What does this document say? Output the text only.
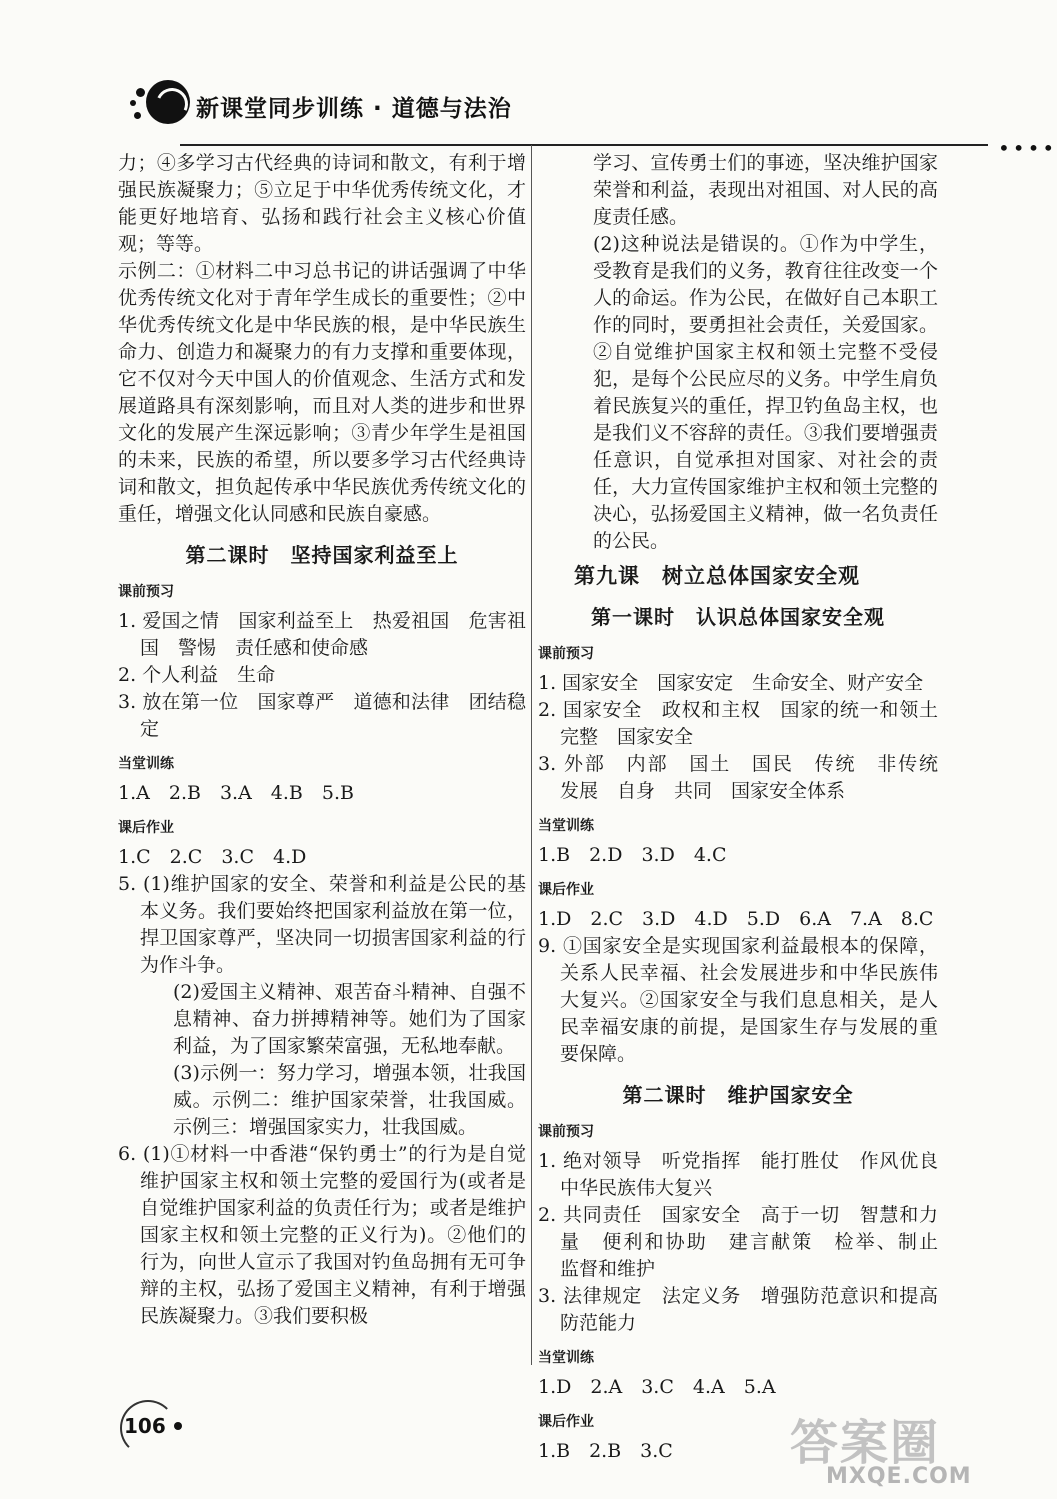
新课堂同步训练 · 道德与法治
••••

力；④多学习古代经典的诗词和散文，有利于增强民族凝聚力；⑤立足于中华优秀传统文化，才能更好地培育、弘扬和践行社会主义核心价值观；等等。

示例二：①材料二中习总书记的讲话强调了中华优秀传统文化对于青年学生成长的重要性；②中华优秀传统文化是中华民族的根，是中华民族生命力、创造力和凝聚力的有力支撑和重要体现，它不仅对今天中国人的价值观念、生活方式和发展道路具有深刻影响，而且对人类的进步和世界文化的发展产生深远影响；③青少年学生是祖国的未来，民族的希望，所以要多学习古代经典诗词和散文，担负起传承中华民族优秀传统文化的重任，增强文化认同感和民族自豪感。

第二课时　坚持国家利益至上
课前预习

1. 爱国之情　国家利益至上　热爱祖国　危害祖国　警惕　责任感和使命感

2. 个人利益　生命

3. 放在第一位　国家尊严　道德和法律　团结稳定

当堂训练

1.A　2.B　3.A　4.B　5.B

课后作业

1.C　2.C　3.C　4.D

5. (1)维护国家的安全、荣誉和利益是公民的基本义务。我们要始终把国家利益放在第一位，捍卫国家尊严，坚决同一切损害国家利益的行为作斗争。

(2)爱国主义精神、艰苦奋斗精神、自强不息精神、奋力拼搏精神等。她们为了国家利益，为了国家繁荣富强，无私地奉献。

(3)示例一：努力学习，增强本领，壮我国威。示例二：维护国家荣誉，壮我国威。示例三：增强国家实力，壮我国威。

6. (1)①材料一中香港“保钓勇士”的行为是自觉维护国家主权和领土完整的爱国行为(或者是自觉维护国家利益的负责任行为；或者是维护国家主权和领土完整的正义行为)。②他们的行为，向世人宣示了我国对钓鱼岛拥有无可争辩的主权，弘扬了爱国主义精神，有利于增强民族凝聚力。③我们要积极

学习、宣传勇士们的事迹，坚决维护国家荣誉和利益，表现出对祖国、对人民的高度责任感。

(2)这种说法是错误的。①作为中学生，受教育是我们的义务，教育往往改变一个人的命运。作为公民，在做好自己本职工作的同时，要勇担社会责任，关爱国家。②自觉维护国家主权和领土完整不受侵犯，是每个公民应尽的义务。中学生肩负着民族复兴的重任，捍卫钓鱼岛主权，也是我们义不容辞的责任。③我们要增强责任意识，自觉承担对国家、对社会的责任，大力宣传国家维护主权和领土完整的决心，弘扬爱国主义精神，做一名负责任的公民。

第九课　树立总体国家安全观
第一课时　认识总体国家安全观
课前预习

1. 国家安全　国家安定　生命安全、财产安全

2. 国家安全　政权和主权　国家的统一和领土完整　国家安全

3. 外部　内部　国土　国民　传统　非传统　发展　自身　共同　国家安全体系

当堂训练

1.B　2.D　3.D　4.C

课后作业

1.D　2.C　3.D　4.D　5.D　6.A　7.A　8.C

9. ①国家安全是实现国家利益最根本的保障，关系人民幸福、社会发展进步和中华民族伟大复兴。②国家安全与我们息息相关，是人民幸福安康的前提，是国家生存与发展的重要保障。

第二课时　维护国家安全
课前预习

1. 绝对领导　听党指挥　能打胜仗　作风优良　中华民族伟大复兴

2. 共同责任　国家安全　高于一切　智慧和力量　便利和协助　建言献策　检举、制止　监督和维护

3. 法律规定　法定义务　增强防范意识和提高防范能力

当堂训练

1.D　2.A　3.C　4.A　5.A

课后作业

1.B　2.B　3.C

106	答案圈
MXQE.COM
